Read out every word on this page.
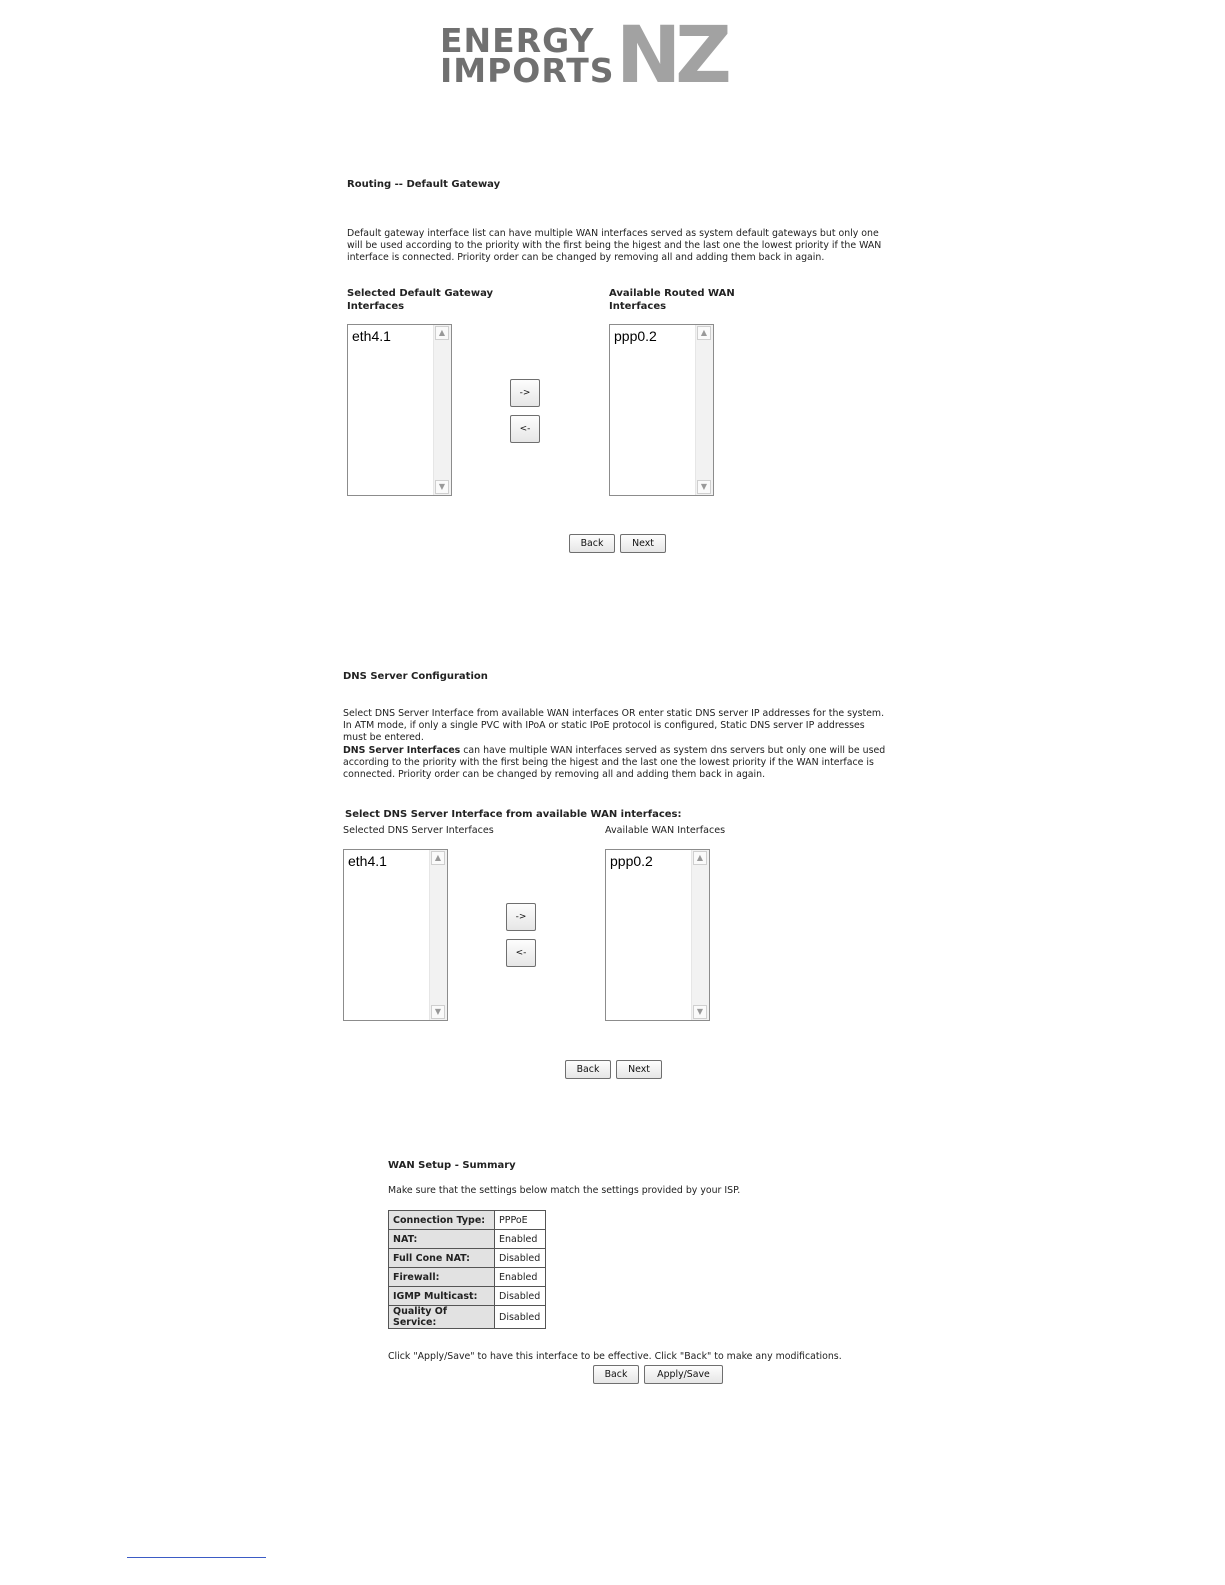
NZ
ENERGY
IMPORTS
Routing -- Default Gateway
Default gateway interface list can have multiple WAN interfaces served as system default gateways but only one will be used according to the priority with the first being the higest and the last one the lowest priority if the WAN interface is connected. Priority order can be changed by removing all and adding them back in again.
Selected Default Gateway
Interfaces
Available Routed WAN
Interfaces
eth4.1	▲
▼
->
<-
ppp0.2	▲
▼
Back	Next
DNS Server Configuration
Select DNS Server Interface from available WAN interfaces OR enter static DNS server IP addresses for the system. In ATM mode, if only a single PVC with IPoA or static IPoE protocol is configured, Static DNS server IP addresses must be entered.
DNS Server Interfaces can have multiple WAN interfaces served as system dns servers but only one will be used according to the priority with the first being the higest and the last one the lowest priority if the WAN interface is connected. Priority order can be changed by removing all and adding them back in again.
Select DNS Server Interface from available WAN interfaces:
Selected DNS Server Interfaces	Available WAN Interfaces
eth4.1	▲
▼
->
<-
ppp0.2	▲
▼
Back	Next
WAN Setup - Summary
Make sure that the settings below match the settings provided by your ISP.
Connection Type:	PPPoE
NAT:	Enabled
Full Cone NAT:	Disabled
Firewall:	Enabled
IGMP Multicast:	Disabled
Quality Of Service:	Disabled
Click "Apply/Save" to have this interface to be effective. Click "Back" to make any modifications.
Back	Apply/Save
